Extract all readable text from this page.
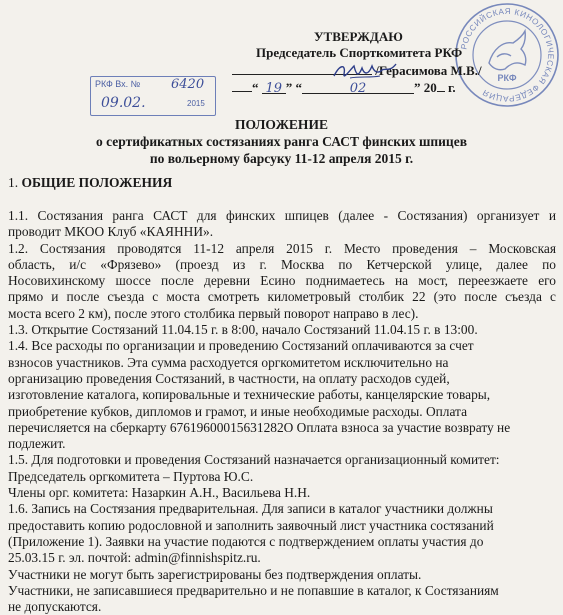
РОССИЙСКАЯ КИНОЛОГИЧЕСКАЯ ФЕДЕРАЦИЯ
РКФ
УТВЕРЖДАЮ
Председатель Спорткомитета РКФ
/Герасимова М.В./
“ 19 ” “	02	” 20 г.
РКФ Вх. № 6420
09.02.	2015
ПОЛОЖЕНИЕ
о сертификатных состязаниях ранга САСТ финских шпицев
по вольерному барсуку 11-12 апреля 2015 г.
1. ОБЩИЕ ПОЛОЖЕНИЯ

1.1. Состязания ранга САСТ для финских шпицев (далее - Состязания) организует и

проводит МКОО Клуб «КАЯННИ».

1.2. Состязания проводятся 11-12 апреля 2015 г. Место проведения – Московская

область, и/с «Фрязево» (проезд из г. Москва по Кетчерской улице, далее по

Носовихинскому шоссе после деревни Есино поднимаетесь на мост, переезжаете его

прямо и после съезда с моста смотреть километровый столбик 22 (это после съезда с

моста всего 2 км), после этого столбика первый поворот направо в лес).

1.3. Открытие Состязаний 11.04.15 г. в 8:00, начало Состязаний 11.04.15 г. в 13:00.

1.4. Все расходы по организации и проведению Состязаний оплачиваются за счет

взносов участников. Эта сумма расходуется оргкомитетом исключительно на

организацию проведения Состязаний, в частности, на оплату расходов судей,

изготовление каталога, копировальные и технические работы, канцелярские товары,

приобретение кубков, дипломов и грамот, и иные необходимые расходы. Оплата

перечисляется на сберкарту 67619600015631282О Оплата взноса за участие возврату не

подлежит.

1.5. Для подготовки и проведения Состязаний назначается организационный комитет:

Председатель оргкомитета – Пуртова Ю.С.

Члены орг. комитета: Назаркин А.Н., Васильева Н.Н.

1.6. Запись на Состязания предварительная. Для записи в каталог участники должны

предоставить копию родословной и заполнить заявочный лист участника состязаний

(Приложение 1). Заявки на участие подаются с подтверждением оплаты участия до

25.03.15 г. эл. почтой: admin@finnishspitz.ru.

Участники не могут быть зарегистрированы без подтверждения оплаты.

Участники, не записавшиеся предварительно и не попавшие в каталог, к Состязаниям

не допускаются.
